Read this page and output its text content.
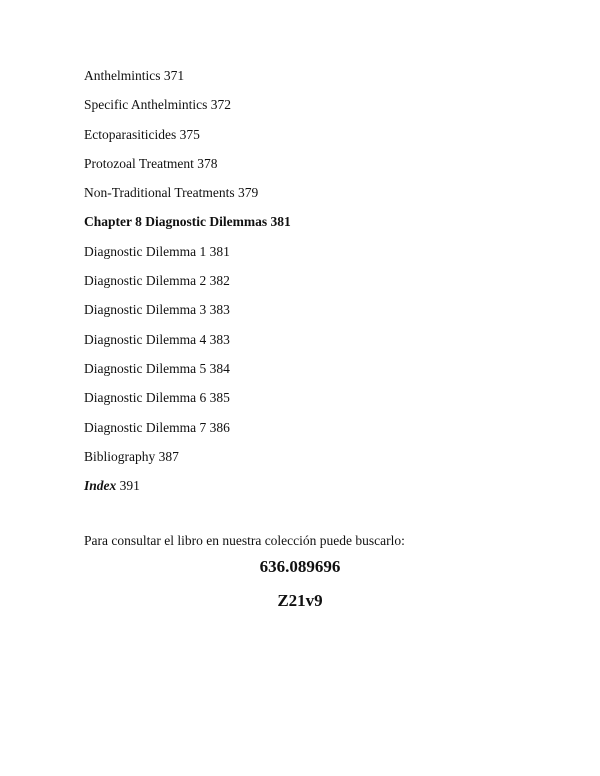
Anthelmintics 371
Specific Anthelmintics 372
Ectoparasiticides 375
Protozoal Treatment 378
Non-Traditional Treatments 379
Chapter 8 Diagnostic Dilemmas 381
Diagnostic Dilemma 1 381
Diagnostic Dilemma 2 382
Diagnostic Dilemma 3 383
Diagnostic Dilemma 4 383
Diagnostic Dilemma 5 384
Diagnostic Dilemma 6 385
Diagnostic Dilemma 7 386
Bibliography 387
Index 391
Para consultar el libro en nuestra colección puede buscarlo:
636.089696
Z21v9
